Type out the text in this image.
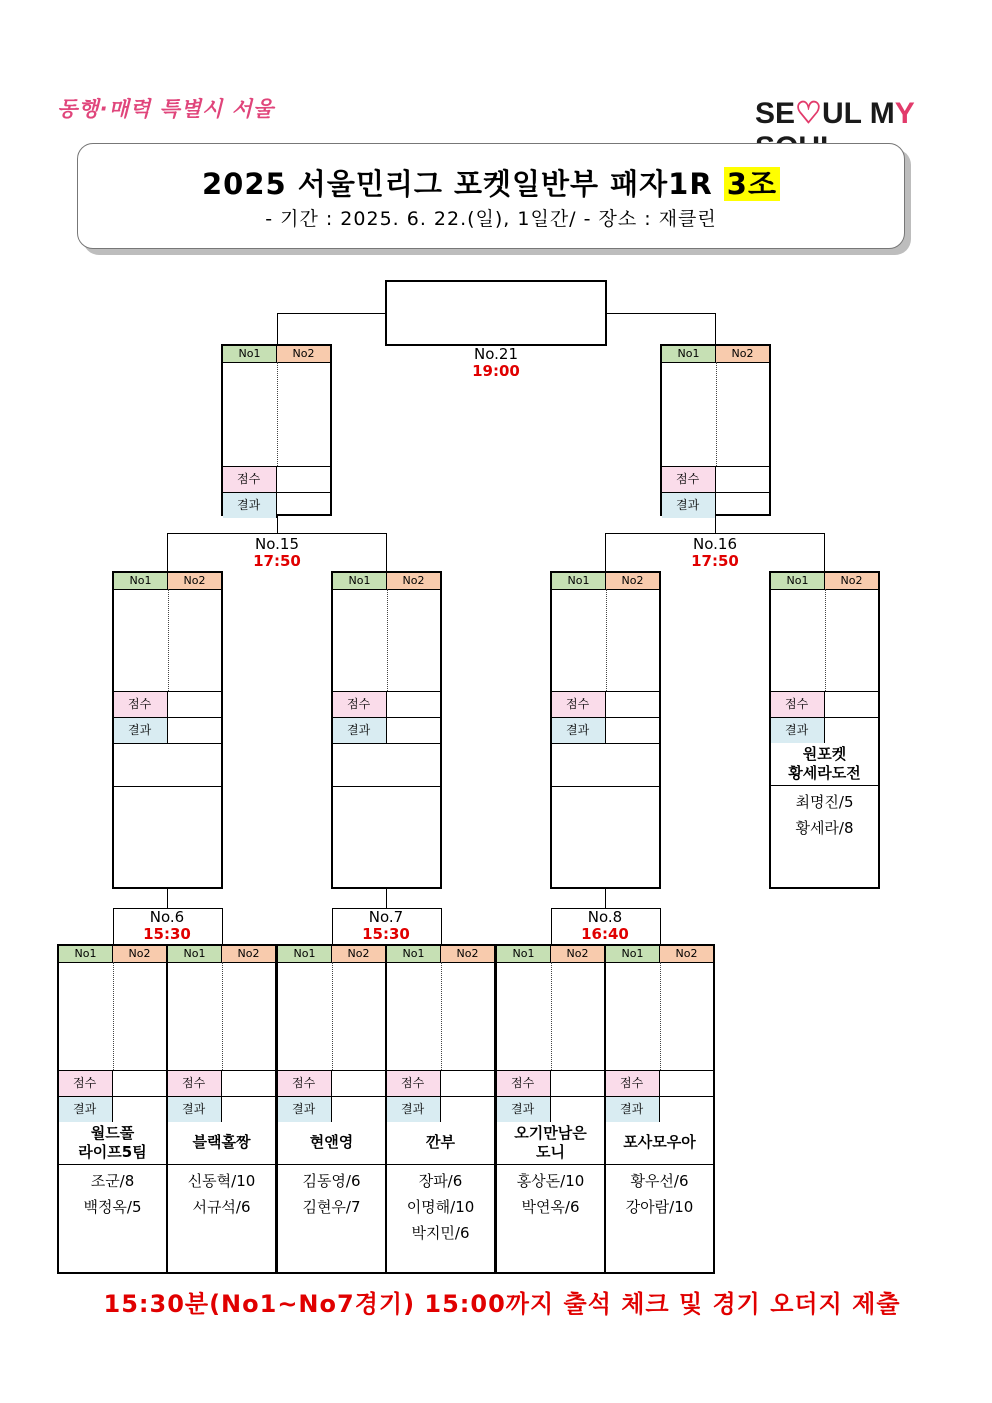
동행·매력 특별시 서울	SE♡UL MY
2025 서울민리그 포켓일반부 패자1R 3조
- 기간 : 2025. 6. 22.(일), 1일간/ - 장소 : 재클린
No1	No2
점수
결과
No1	No2
점수
결과
No1	No2
점수
결과
No1	No2
점수
결과
No1	No2
점수
결과
No1	No2
점수
결과
원포켓
황세라도전
최명진/5
황세라/8
No1	No2
점수
결과
월드풀
라이프5팀
조군/8
백정옥/5
No1	No2
점수
결과
블랙홀짱
신동혁/10
서규석/6
No1	No2
점수
결과
현앤영
김동영/6
김현우/7
No1	No2
점수
결과
깐부
장파/6
이명해/10
박지민/6
No1	No2
점수
결과
오기만남은
도니
홍상돈/10
박연옥/6
No1	No2
점수
결과
포사모우아
황우선/6
강아람/10
15:30분(No1~No7경기) 15:00까지 출석 체크 및 경기 오더지 제출
No.21
19:00
No.15
17:50
No.16
17:50
No.6
15:30
No.7
15:30
No.8
16:40
